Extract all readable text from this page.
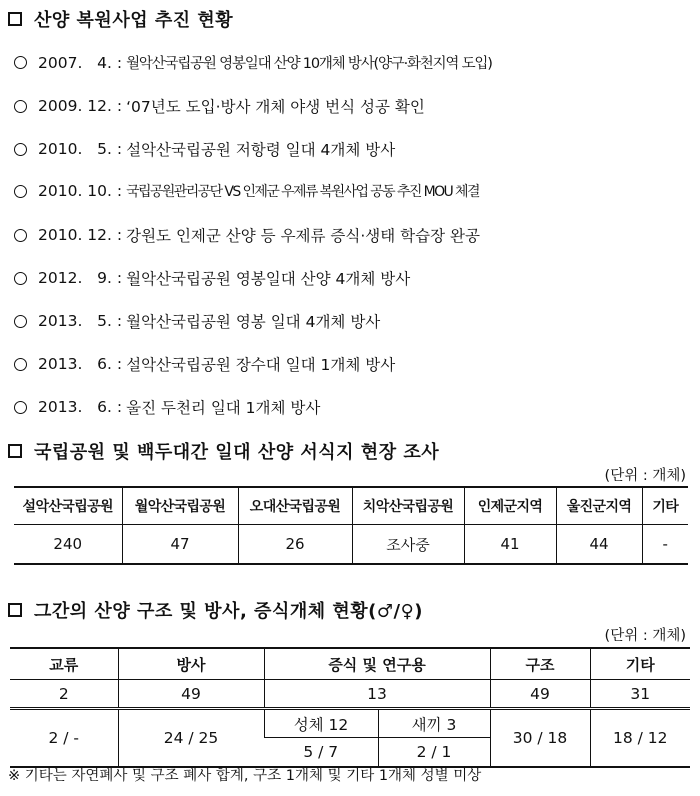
산양 복원사업 추진 현황
2007.   4. : 월악산국립공원 영봉일대 산양 10개체 방사(양구·화천지역 도입)
2009. 12. : ‘07년도 도입·방사 개체 야생 번식 성공 확인
2010.   5. : 설악산국립공원 저항령 일대 4개체 방사
2010. 10. : 국립공원관리공단 VS 인제군 우제류 복원사업 공동 추진 MOU 체결
2010. 12. : 강원도 인제군 산양 등 우제류 증식·생태 학습장 완공
2012.   9. : 월악산국립공원 영봉일대 산양 4개체 방사
2013.   5. : 월악산국립공원 영봉 일대 4개체 방사
2013.   6. : 설악산국립공원 장수대 일대 1개체 방사
2013.   6. : 울진 두천리 일대 1개체 방사
국립공원 및 백두대간 일대 산양 서식지 현장 조사
(단위 : 개체)
설악산국립공원	월악산국립공원	오대산국립공원	치악산국립공원	인제군지역	울진군지역	기타
240	47	26	조사중	41	44	-
그간의 산양 구조 및 방사, 증식개체 현황(♂/♀)
(단위 : 개체)
교류	방사	증식 및 연구용		구조	기타
2	49	13		49	31
2 / -	24 / 25	성체 12	새끼 3	30 / 18	18 / 12
		5 / 7	2 / 1		
※ 기타는 자연폐사 및 구조 폐사 합계, 구조 1개체 및 기타 1개체 성별 미상
